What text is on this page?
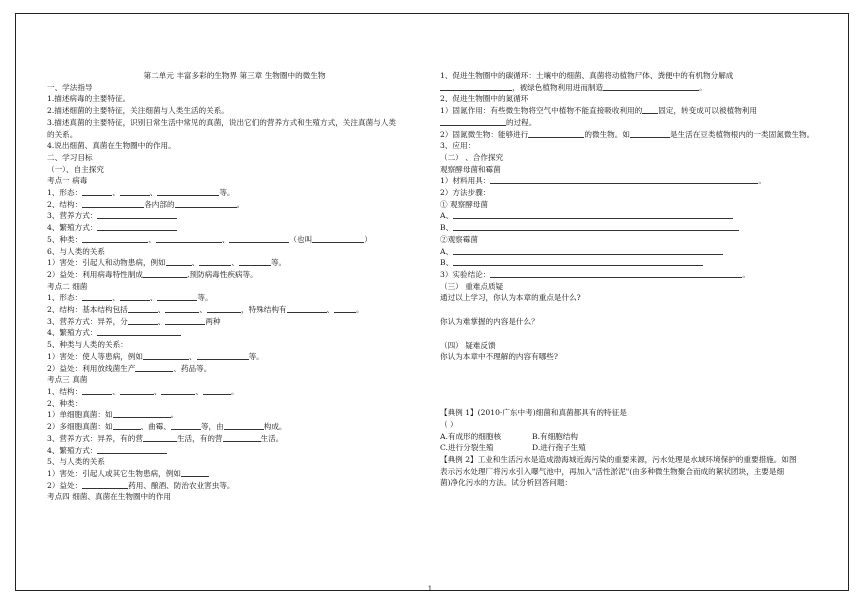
第二单元 丰富多彩的生物界 第三章 生物圈中的微生物
一、学法指导
1.描述病毒的主要特征。
2.描述细菌的主要特征，关注细菌与人类生活的关系。
3.描述真菌的主要特征，识别日常生活中常见的真菌，说出它们的营养方式和生殖方式，关注真菌与人类
的关系。
4.说出细菌、真菌在生物圈中的作用。
二、学习目标
（一）、自主探究
考点一 病毒
1、形态：	、	、	等。
2、结构：	各内部的	。
3、营养方式：
4、繁殖方式：
5、种类：	、	、	（也叫	）
6、与人类的关系
1）害处：引起人和动物患病，例如	、	、	等。
2）益处：利用病毒特性制成	,预防病毒性疾病等。
考点二 细菌
1、形态：	、	、	等。
2、结构：基本结构包括	、	、	，特殊结构有	、	。
3、营养方式：异养，分	、	两种
4、繁殖方式：
5、种类与人类的关系：
1）害处：使人等患病，例如	、	等。
2）益处：利用放线菌生产	、药品等。
考点三 真菌
1、结构：	、	、	、	。
2、种类：
1）单细胞真菌：如	。
2）多细胞真菌：如	、曲霉、	等，由	构成。
3、营养方式：异养，有的营	生活，有的营	生活。
4、繁殖方式：
5、与人类的关系
1）害处：引起人或其它生物患病，例如
2）益处：	药用、酿酒、防治农业害虫等。
考点四 细菌、真菌在生物圈中的作用
1、促进生物圈中的碳循环：土壤中的细菌、真菌将动植物尸体、粪便中的有机物分解成
，被绿色植物利用进而制造	。
2、促进生物圈中的氮循环
1）固氮作用：有些微生物将空气中植物不能直接吸收利用的 固定，转变成可以被植物利用
的过程。
2）固氮微生物：能够进行	的微生物。如	是生活在豆类植物根内的一类固氮微生物。
3、应用：
（二） 、合作探究
观察酵母菌和霉菌
1）材料用具：	。
2）方法步骤：
① 观察酵母菌
A、
B、
②观察霉菌
A、
B、
3）实验结论：	。
（三） 重难点质疑
通过以上学习，你认为本章的重点是什么?
你认为难掌握的内容是什么？
（四） 疑难反馈
你认为本章中不理解的内容有哪些?
【典例 1】(2010·广东中考)细菌和真菌都具有的特征是
（ ）
A.有成形的细胞核	B.有细胞结构
C.进行分裂生殖	D.进行孢子生殖
【典例 2】工业和生活污水是造成渤海城近海污染的重要来源，污水处理是水域环境保护的重要措施。如图
表示污水处理厂将污水引入曝气池中，再加入"活性淤泥"(由多种微生物聚合而成的絮状团块，主要是细
菌)净化污水的方法。试分析回答问题：
1
